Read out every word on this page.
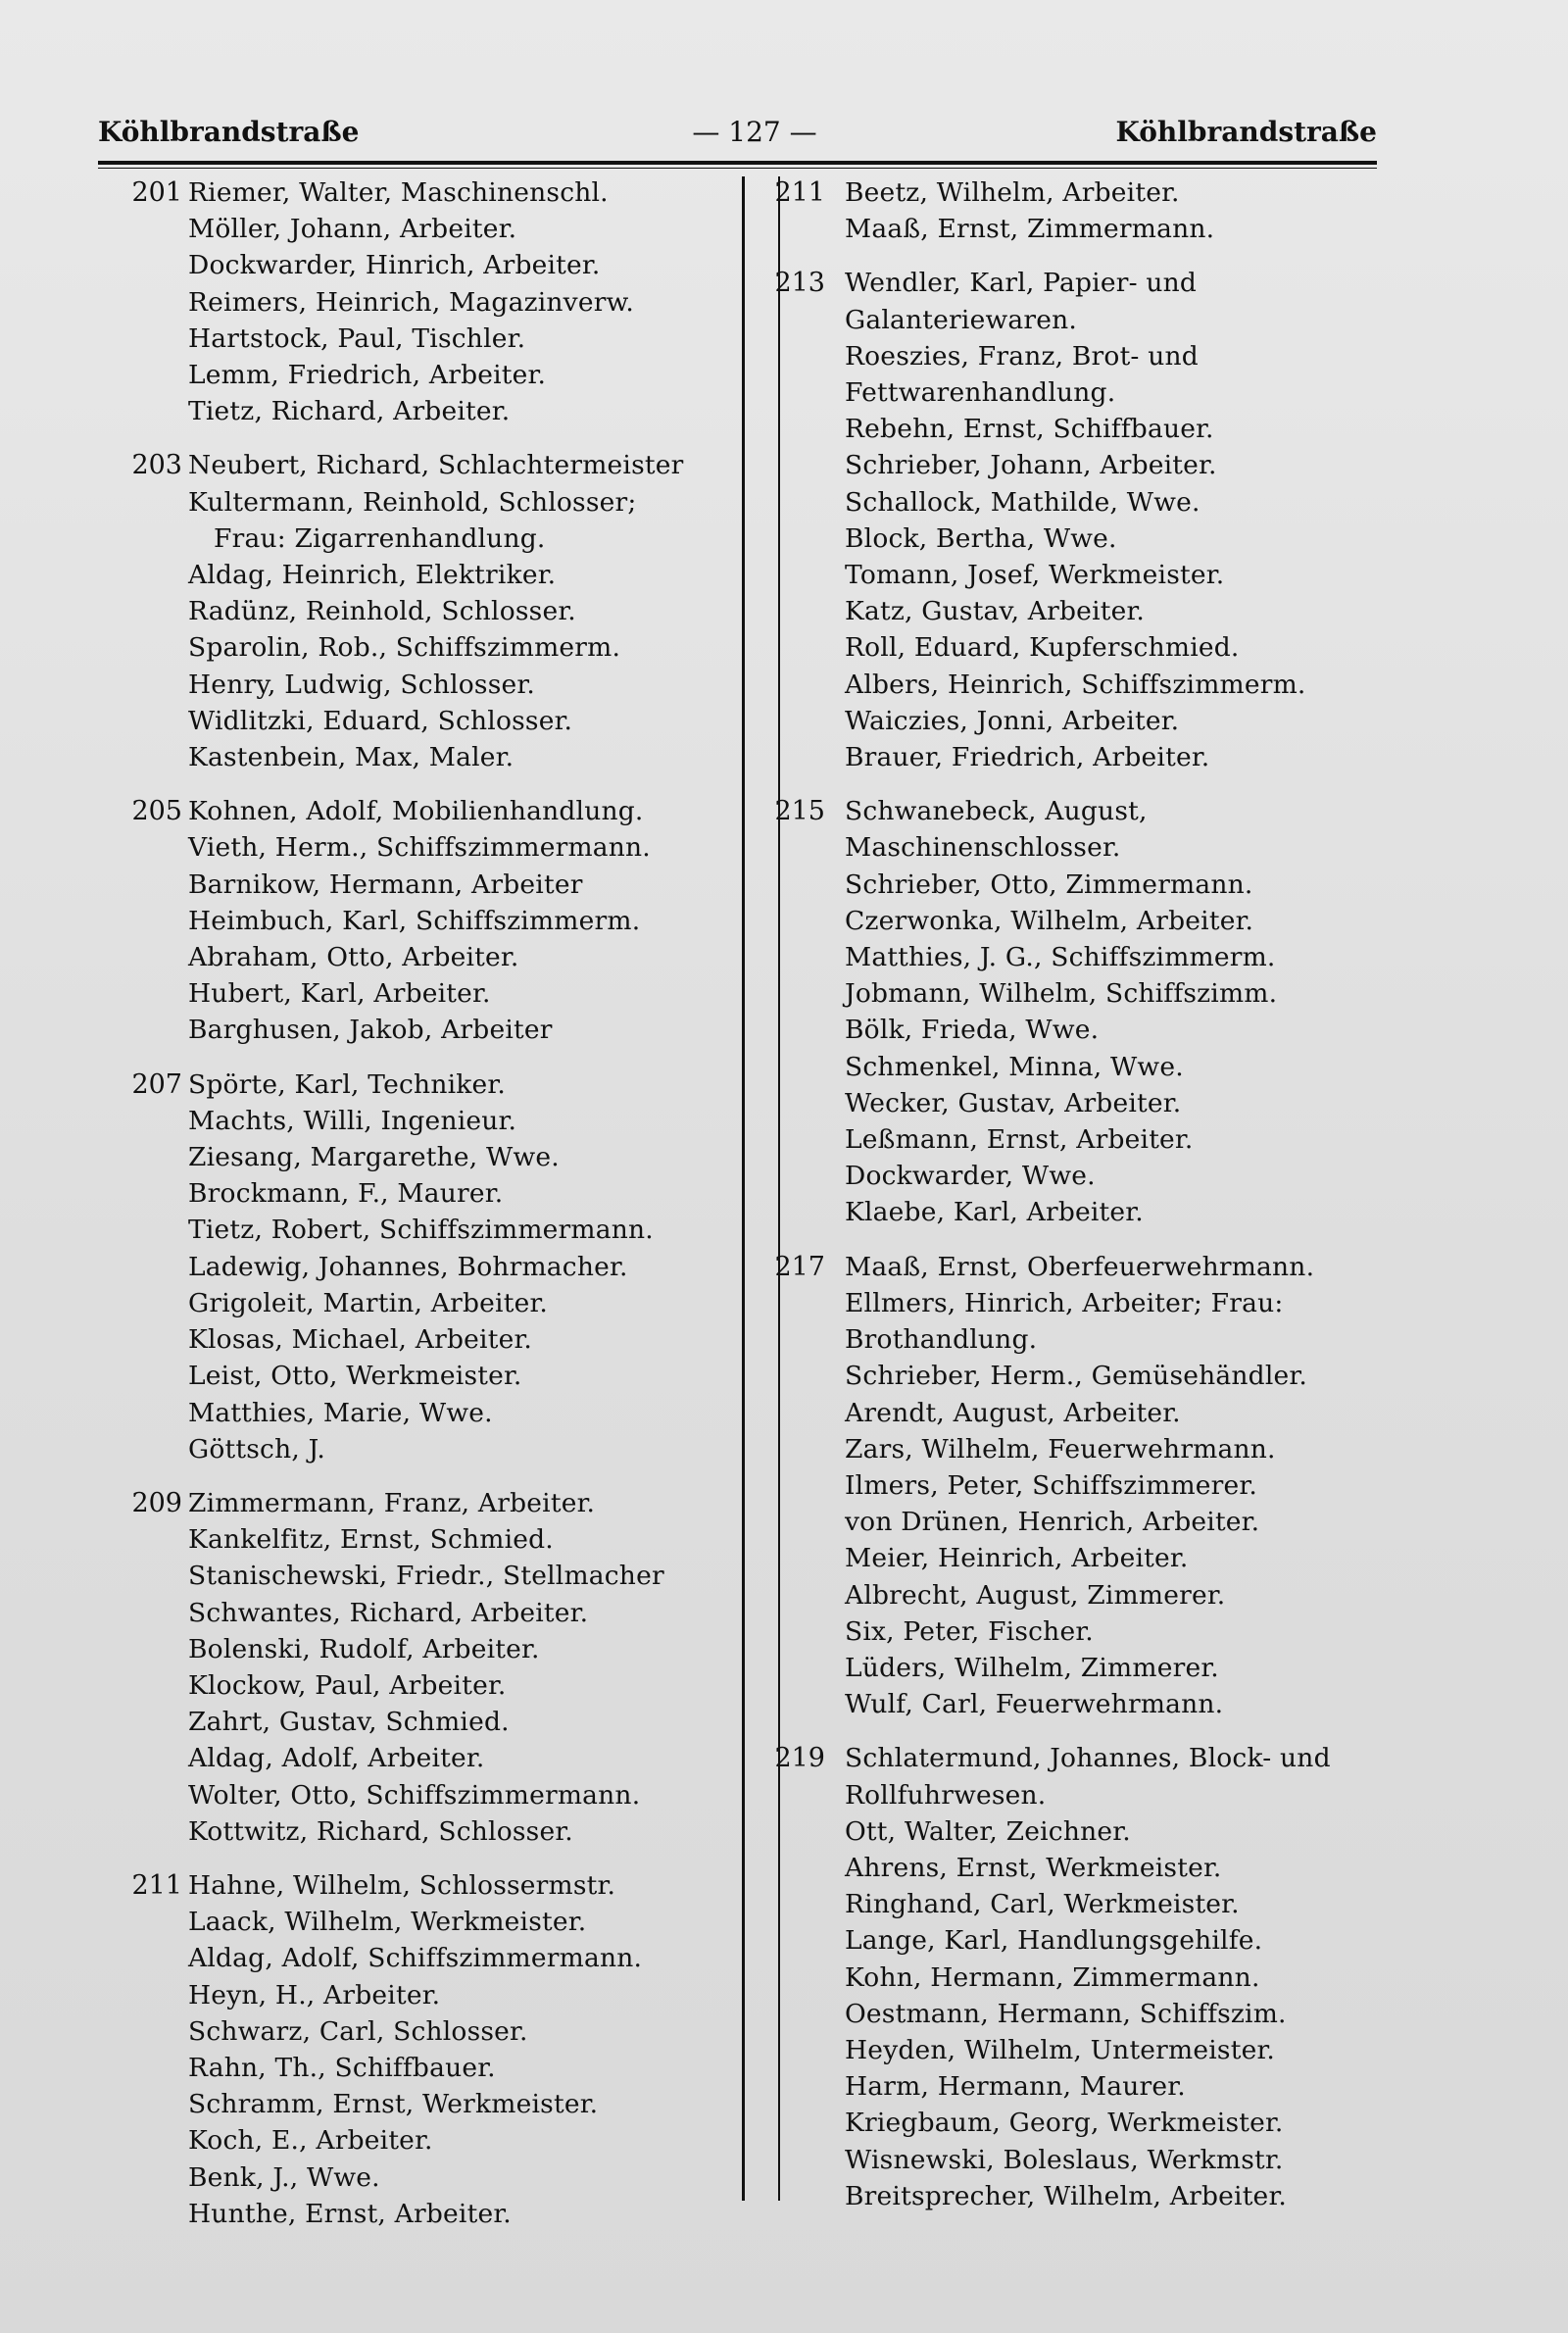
Köhlbrandstraße	— 127 —	Köhlbrandstraße
201 Riemer, Walter, Maschinenschl.
Möller, Johann, Arbeiter.
Dockwarder, Hinrich, Arbeiter.
Reimers, Heinrich, Magazinverw.
Hartstock, Paul, Tischler.
Lemm, Friedrich, Arbeiter.
Tietz, Richard, Arbeiter.
203 Neubert, Richard, Schlachtermeister
Kultermann, Reinhold, Schlosser;
Frau: Zigarrenhandlung.
Aldag, Heinrich, Elektriker.
Radünz, Reinhold, Schlosser.
Sparolin, Rob., Schiffszimmerm.
Henry, Ludwig, Schlosser.
Widlitzki, Eduard, Schlosser.
Kastenbein, Max, Maler.
205 Kohnen, Adolf, Mobilienhandlung.
Vieth, Herm., Schiffszimmermann.
Barnikow, Hermann, Arbeiter
Heimbuch, Karl, Schiffszimmerm.
Abraham, Otto, Arbeiter.
Hubert, Karl, Arbeiter.
Barghusen, Jakob, Arbeiter
207 Spörte, Karl, Techniker.
Machts, Willi, Ingenieur.
Ziesang, Margarethe, Wwe.
Brockmann, F., Maurer.
Tietz, Robert, Schiffszimmermann.
Ladewig, Johannes, Bohrmacher.
Grigoleit, Martin, Arbeiter.
Klosas, Michael, Arbeiter.
Leist, Otto, Werkmeister.
Matthies, Marie, Wwe.
Göttsch, J.
209 Zimmermann, Franz, Arbeiter.
Kankelfitz, Ernst, Schmied.
Stanischewski, Friedr., Stellmacher
Schwantes, Richard, Arbeiter.
Bolenski, Rudolf, Arbeiter.
Klockow, Paul, Arbeiter.
Zahrt, Gustav, Schmied.
Aldag, Adolf, Arbeiter.
Wolter, Otto, Schiffszimmermann.
Kottwitz, Richard, Schlosser.
211 Hahne, Wilhelm, Schlossermstr.
Laack, Wilhelm, Werkmeister.
Aldag, Adolf, Schiffszimmermann.
Heyn, H., Arbeiter.
Schwarz, Carl, Schlosser.
Rahn, Th., Schiffbauer.
Schramm, Ernst, Werkmeister.
Koch, E., Arbeiter.
Benk, J., Wwe.
Hunthe, Ernst, Arbeiter.
211 Beetz, Wilhelm, Arbeiter.
Maaß, Ernst, Zimmermann.
213 Wendler, Karl, Papier- und Galanteriewaren.
Roeszies, Franz, Brot- und Fettwarenhandlung.
Rebehn, Ernst, Schiffbauer.
Schrieber, Johann, Arbeiter.
Schallock, Mathilde, Wwe.
Block, Bertha, Wwe.
Tomann, Josef, Werkmeister.
Katz, Gustav, Arbeiter.
Roll, Eduard, Kupferschmied.
Albers, Heinrich, Schiffszimmerm.
Waiczies, Jonni, Arbeiter.
Brauer, Friedrich, Arbeiter.
215 Schwanebeck, August, Maschinenschlosser.
Schrieber, Otto, Zimmermann.
Czerwonka, Wilhelm, Arbeiter.
Matthies, J. G., Schiffszimmerm.
Jobmann, Wilhelm, Schiffszimm.
Bölk, Frieda, Wwe.
Schmenkel, Minna, Wwe.
Wecker, Gustav, Arbeiter.
Leßmann, Ernst, Arbeiter.
Dockwarder, Wwe.
Klaebe, Karl, Arbeiter.
217 Maaß, Ernst, Oberfeuerwehrmann.
Ellmers, Hinrich, Arbeiter; Frau: Brothandlung.
Schrieber, Herm., Gemüsehändler.
Arendt, August, Arbeiter.
Zars, Wilhelm, Feuerwehrmann.
Ilmers, Peter, Schiffszimmerer.
von Drünen, Henrich, Arbeiter.
Meier, Heinrich, Arbeiter.
Albrecht, August, Zimmerer.
Six, Peter, Fischer.
Lüders, Wilhelm, Zimmerer.
Wulf, Carl, Feuerwehrmann.
219 Schlatermund, Johannes, Block- und Rollfuhrwesen.
Ott, Walter, Zeichner.
Ahrens, Ernst, Werkmeister.
Ringhand, Carl, Werkmeister.
Lange, Karl, Handlungsgehilfe.
Kohn, Hermann, Zimmermann.
Oestmann, Hermann, Schiffszim.
Heyden, Wilhelm, Untermeister.
Harm, Hermann, Maurer.
Kriegbaum, Georg, Werkmeister.
Wisnewski, Boleslaus, Werkmstr.
Breitsprecher, Wilhelm, Arbeiter.
